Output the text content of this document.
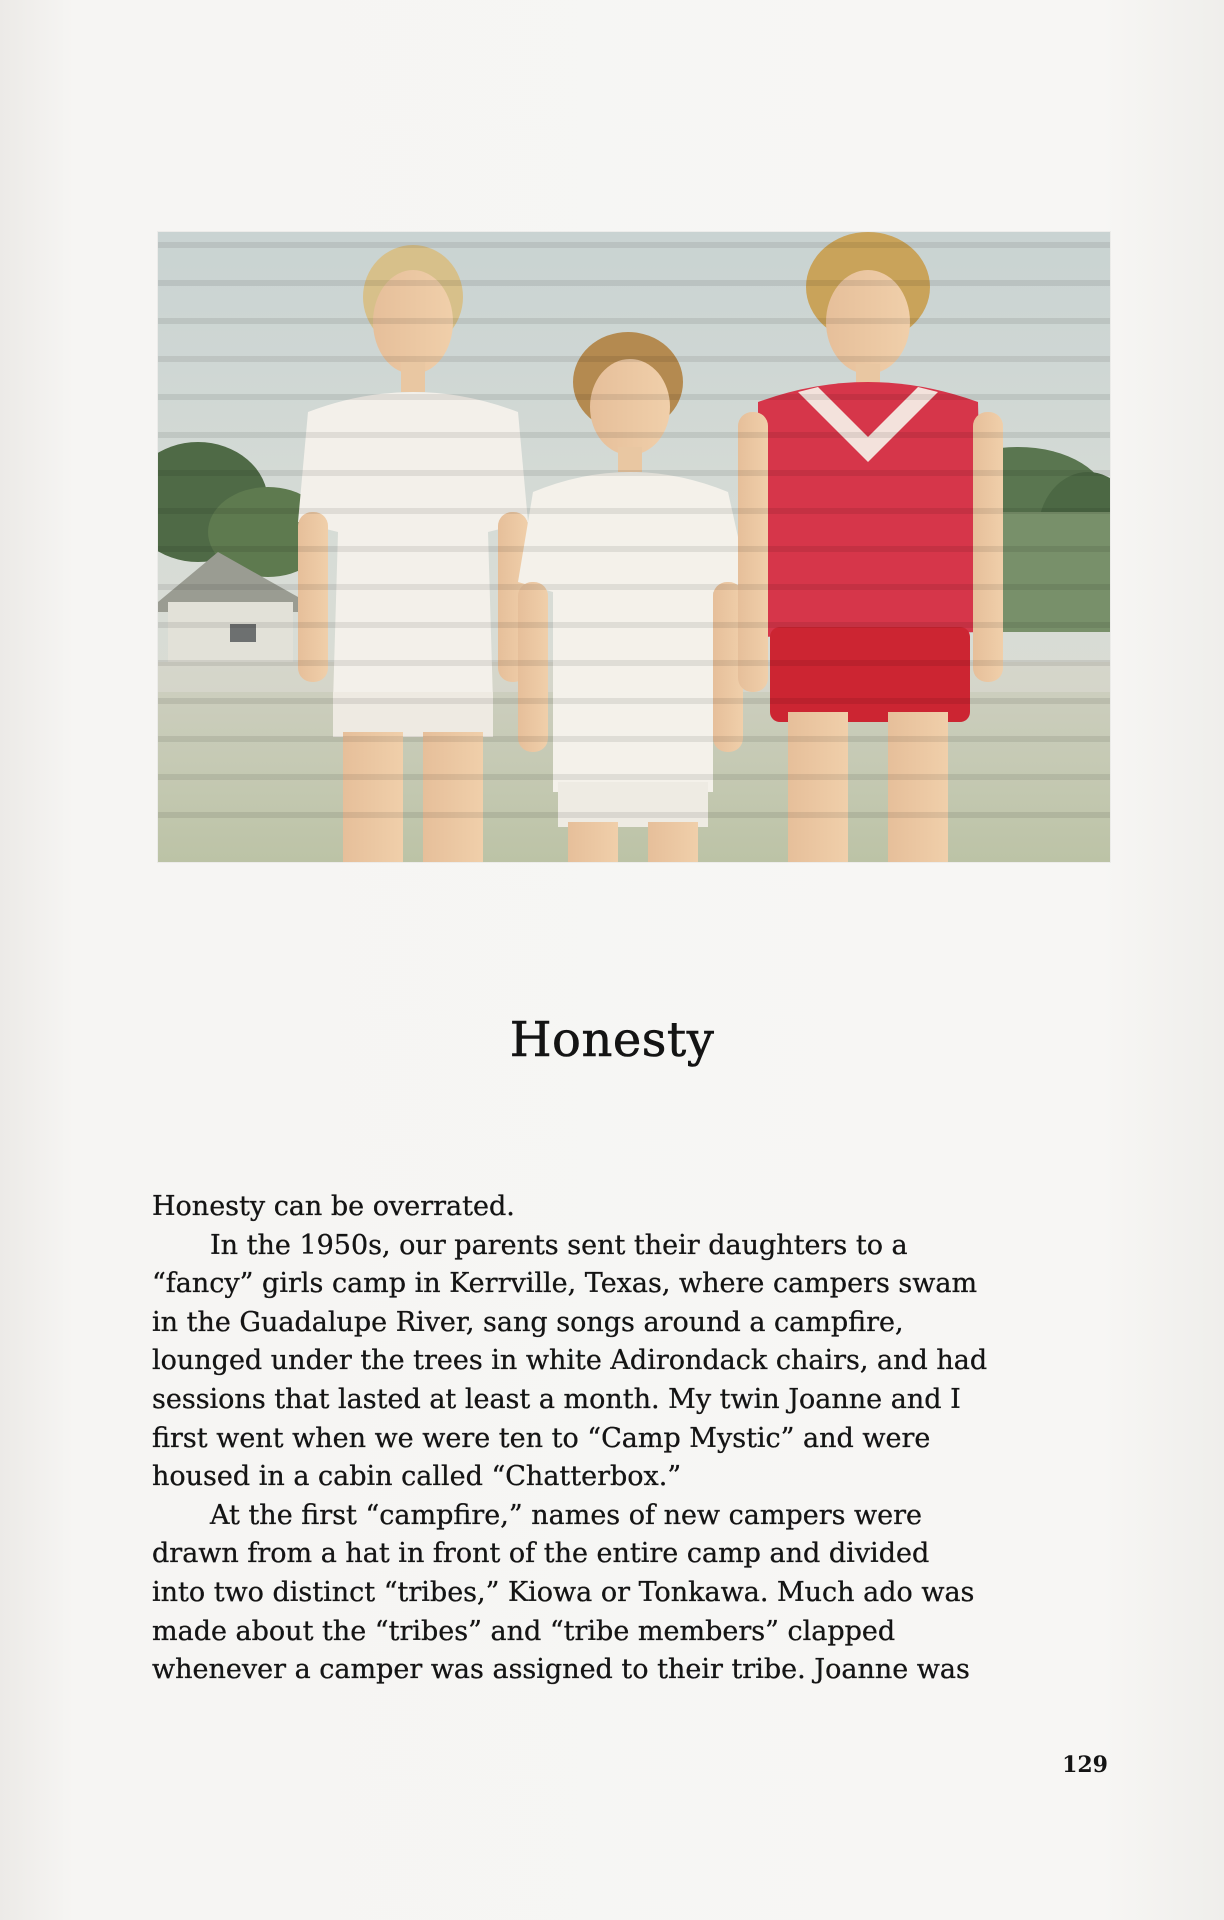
Honesty
Honesty can be overrated.
In the 1950s, our parents sent their daughters to a
“fancy” girls camp in Kerrville, Texas, where campers swam
in the Guadalupe River, sang songs around a campfire,
lounged under the trees in white Adirondack chairs, and had
sessions that lasted at least a month. My twin Joanne and I
first went when we were ten to “Camp Mystic” and were
housed in a cabin called “Chatterbox.”
At the first “campfire,” names of new campers were
drawn from a hat in front of the entire camp and divided
into two distinct “tribes,” Kiowa or Tonkawa. Much ado was
made about the “tribes” and “tribe members” clapped
whenever a camper was assigned to their tribe. Joanne was

129
